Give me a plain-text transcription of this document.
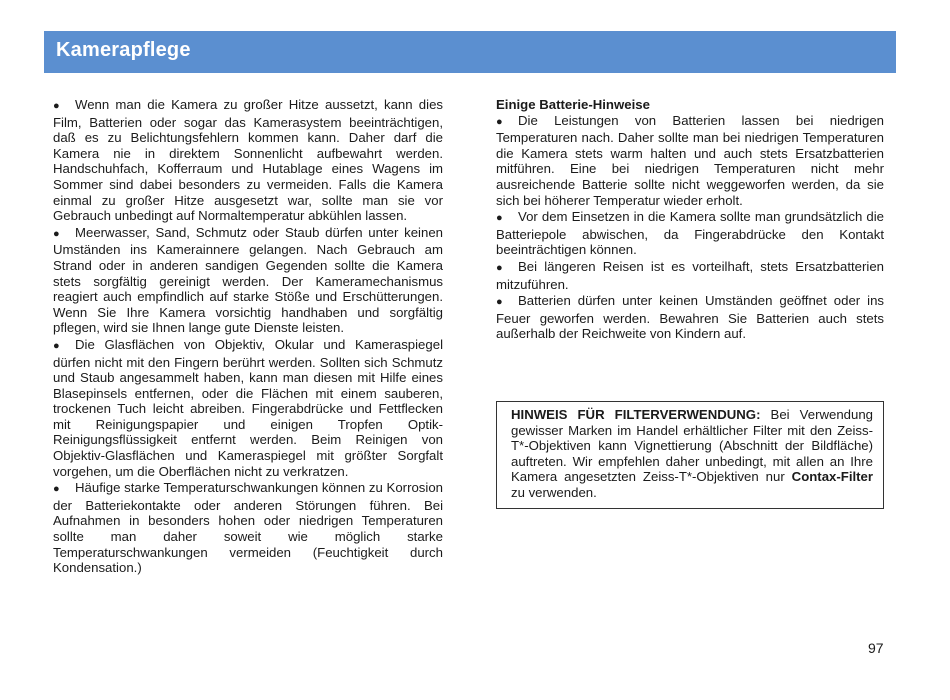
Kamerapflege

● Wenn man die Kamera zu großer Hitze aussetzt, kann dies Film, Batterien oder sogar das Kamerasystem beeinträchtigen, daß es zu Belichtungsfehlern kommen kann. Daher darf die Kamera nie in direktem Sonnenlicht aufbewahrt werden. Handschuhfach, Kofferraum und Hutablage eines Wagens im Sommer sind dabei besonders zu vermeiden. Falls die Kamera einmal zu großer Hitze ausgesetzt war, sollte man sie vor Gebrauch unbedingt auf Normaltemperatur abkühlen lassen.

● Meerwasser, Sand, Schmutz oder Staub dürfen unter keinen Umständen ins Kamerainnere gelangen. Nach Gebrauch am Strand oder in anderen sandigen Gegenden sollte die Kamera stets sorgfältig gereinigt werden. Der Kameramechanismus reagiert auch empfindlich auf starke Stöße und Erschütterungen. Wenn Sie Ihre Kamera vorsichtig handhaben und sorgfältig pflegen, wird sie Ihnen lange gute Dienste leisten.

● Die Glasflächen von Objektiv, Okular und Kameraspiegel dürfen nicht mit den Fingern berührt werden. Sollten sich Schmutz und Staub angesammelt haben, kann man diesen mit Hilfe eines Blasepinsels entfernen, oder die Flächen mit einem sauberen, trockenen Tuch leicht abreiben. Fingerabdrücke und Fettflecken mit Reinigungspapier und einigen Tropfen Optik-Reinigungsflüssigkeit entfernt werden. Beim Reinigen von Objektiv-Glasflächen und Kameraspiegel mit größter Sorgfalt vorgehen, um die Oberflächen nicht zu verkratzen.

● Häufige starke Temperaturschwankungen können zu Korrosion der Batteriekontakte oder anderen Störungen führen. Bei Aufnahmen in besonders hohen oder niedrigen Temperaturen sollte man daher soweit wie möglich starke Temperaturschwankungen vermeiden (Feuchtigkeit durch Kondensation.)

Einige Batterie-Hinweise

● Die Leistungen von Batterien lassen bei niedrigen Temperaturen nach. Daher sollte man bei niedrigen Temperaturen die Kamera stets warm halten und auch stets Ersatzbatterien mitführen. Eine bei niedrigen Temperaturen nicht mehr ausreichende Batterie sollte nicht weggeworfen werden, da sie sich bei höherer Temperatur wieder erholt.

● Vor dem Einsetzen in die Kamera sollte man grundsätzlich die Batteriepole abwischen, da Fingerabdrücke den Kontakt beeinträchtigen können.

● Bei längeren Reisen ist es vorteilhaft, stets Ersatzbatterien mitzuführen.

● Batterien dürfen unter keinen Umständen geöffnet oder ins Feuer geworfen werden. Bewahren Sie Batterien auch stets außerhalb der Reichweite von Kindern auf.

HINWEIS FÜR FILTERVERWENDUNG: Bei Verwendung gewisser Marken im Handel erhältlicher Filter mit den Zeiss-T*-Objektiven kann Vignettierung (Abschnitt der Bildfläche) auftreten. Wir empfehlen daher unbedingt, mit allen an Ihre Kamera angesetzten Zeiss-T*-Objektiven nur Contax-Filter zu verwenden.
97
